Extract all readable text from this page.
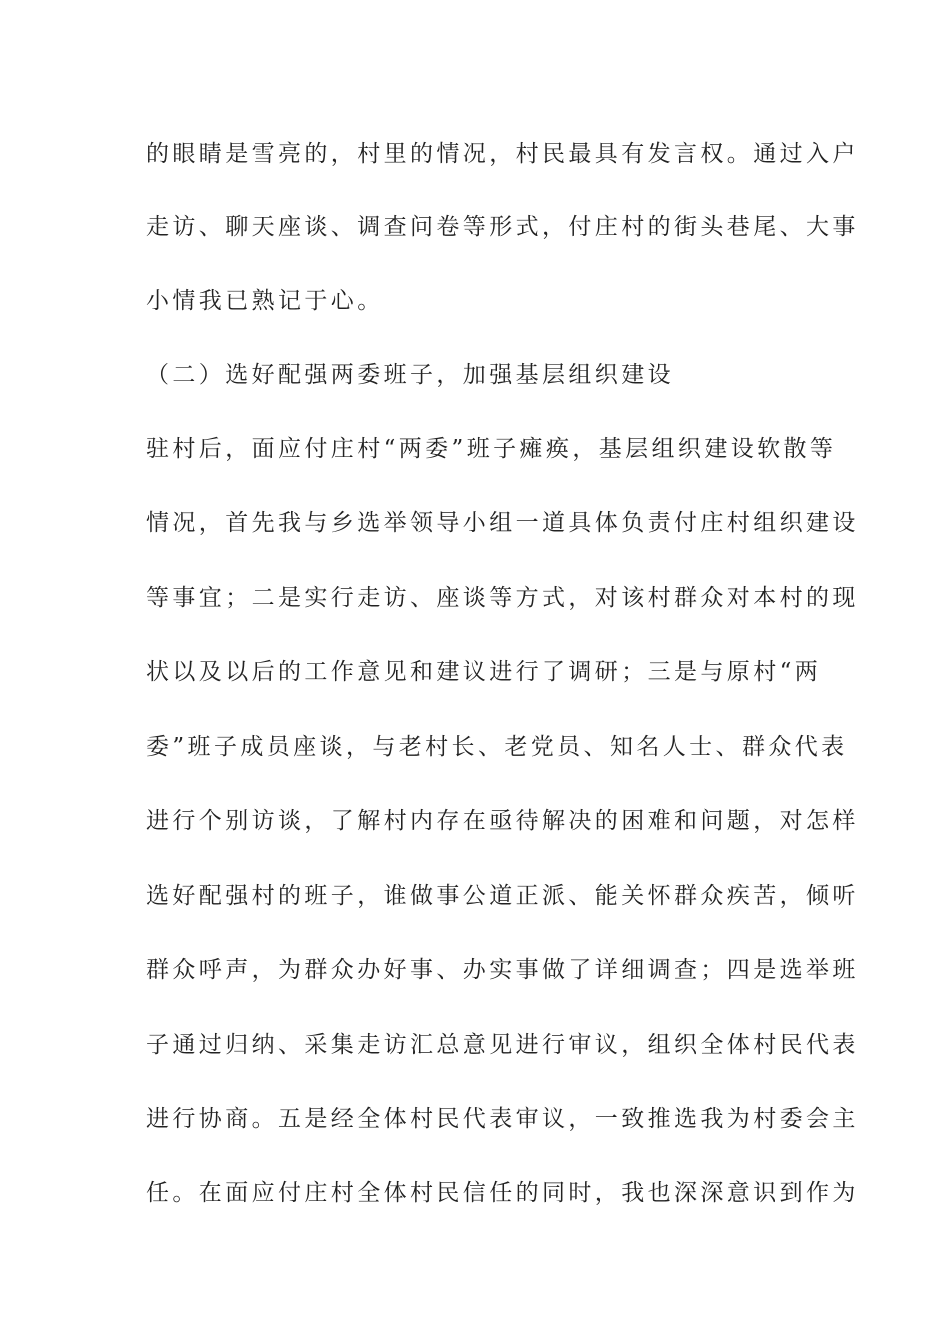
的眼睛是雪亮的，村里的情况，村民最具有发言权。通过入户
走访、聊天座谈、调查问卷等形式，付庄村的街头巷尾、大事
小情我已熟记于心。
（二）选好配强两委班子，加强基层组织建设
驻村后，面应付庄村“两委”班子瘫痪，基层组织建设软散等
情况，首先我与乡选举领导小组一道具体负责付庄村组织建设
等事宜；二是实行走访、座谈等方式，对该村群众对本村的现
状以及以后的工作意见和建议进行了调研；三是与原村“两
委”班子成员座谈，与老村长、老党员、知名人士、群众代表
进行个别访谈，了解村内存在亟待解决的困难和问题，对怎样
选好配强村的班子，谁做事公道正派、能关怀群众疾苦，倾听
群众呼声，为群众办好事、办实事做了详细调查；四是选举班
子通过归纳、采集走访汇总意见进行审议，组织全体村民代表
进行协商。五是经全体村民代表审议，一致推选我为村委会主
任。在面应付庄村全体村民信任的同时，我也深深意识到作为
